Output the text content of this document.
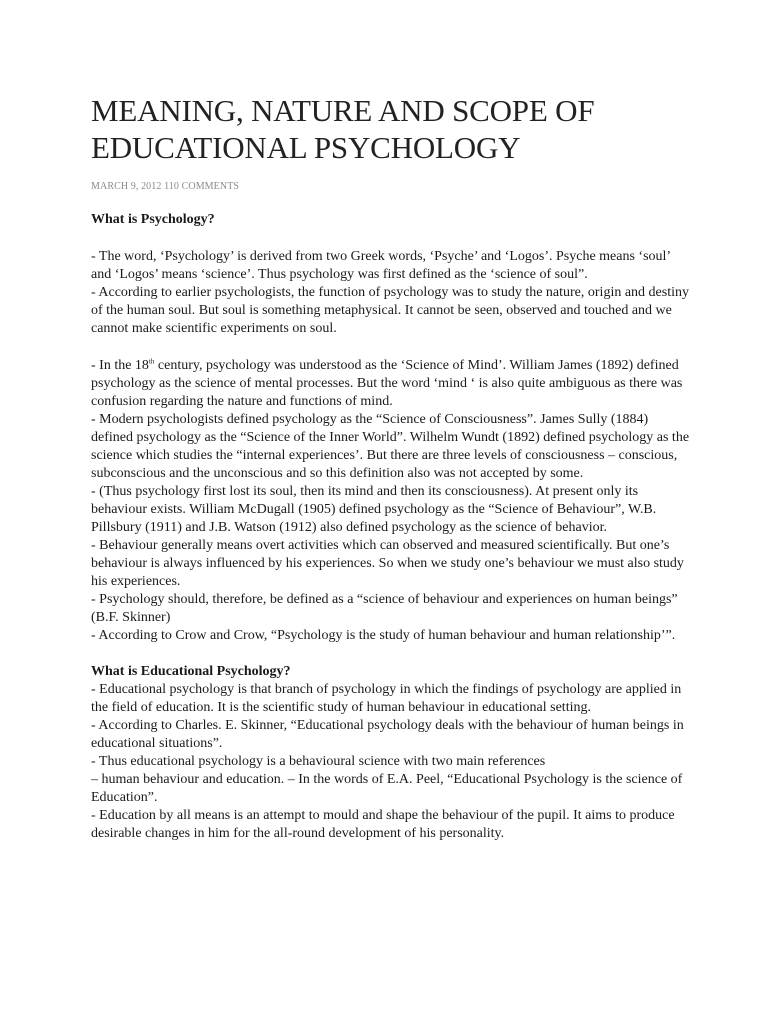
MEANING, NATURE AND SCOPE OF
EDUCATIONAL PSYCHOLOGY
MARCH 9, 2012 110 COMMENTS
What is Psychology?

- The word, ‘Psychology’ is derived from two Greek words, ‘Psyche’ and ‘Logos’. Psyche means ‘soul’ and ‘Logos’ means ‘science’. Thus psychology was first defined as the ‘science of soul”.

- According to earlier psychologists, the function of psychology was to study the nature, origin and destiny of the human soul. But soul is something metaphysical. It cannot be seen, observed and touched and we cannot make scientific experiments on soul.

- In the 18th century, psychology was understood as the ‘Science of Mind’. William James (1892) defined psychology as the science of mental processes. But the word ‘mind ‘ is also quite ambiguous as there was confusion regarding the nature and functions of mind.

- Modern psychologists defined psychology as the “Science of Consciousness”. James Sully (1884) defined psychology as the “Science of the Inner World”. Wilhelm Wundt (1892) defined psychology as the science which studies the “internal experiences’. But there are three levels of consciousness – conscious, subconscious and the unconscious and so this definition also was not accepted by some.

- (Thus psychology first lost its soul, then its mind and then its consciousness). At present only its behaviour exists. William McDugall (1905) defined psychology as the “Science of Behaviour”, W.B. Pillsbury (1911) and J.B. Watson (1912) also defined psychology as the science of behavior.

- Behaviour generally means overt activities which can observed and measured scientifically. But one’s behaviour is always influenced by his experiences. So when we study one’s behaviour we must also study his experiences.

- Psychology should, therefore, be defined as a “science of behaviour and experiences on human beings” (B.F. Skinner)

- According to Crow and Crow, “Psychology is the study of human behaviour and human relationship’”.

What is Educational Psychology?

- Educational psychology is that branch of psychology in which the findings of psychology are applied in the field of education. It is the scientific study of human behaviour in educational setting.

- According to Charles. E. Skinner, “Educational psychology deals with the behaviour of human beings in educational situations”.

- Thus educational psychology is a behavioural science with two main references

– human behaviour and education. – In the words of E.A. Peel, “Educational Psychology is the science of Education”.

- Education by all means is an attempt to mould and shape the behaviour of the pupil. It aims to produce desirable changes in him for the all-round development of his personality.
